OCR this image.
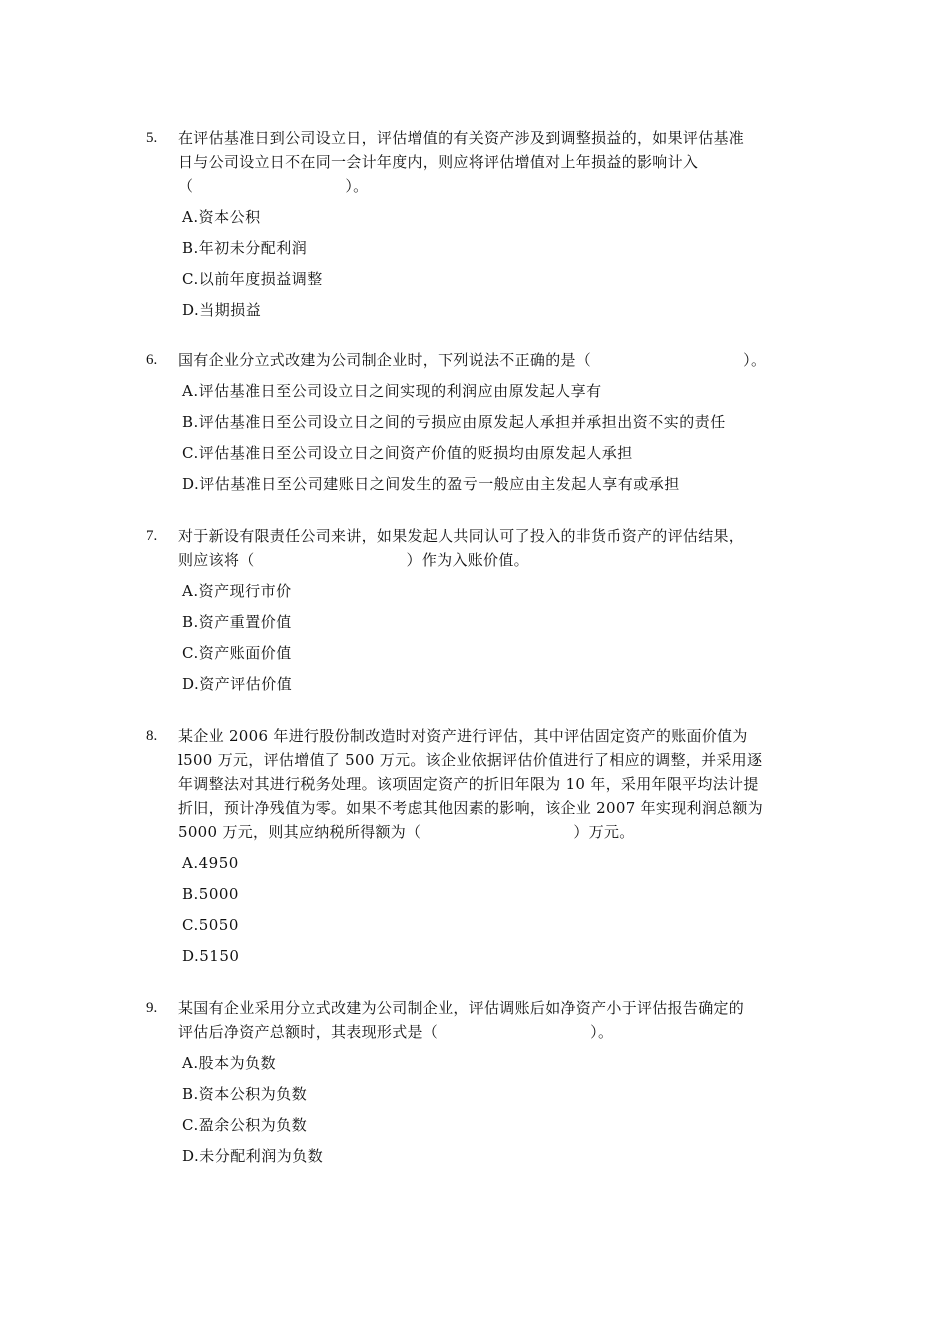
5. 在评估基准日到公司设立日，评估增值的有关资产涉及到调整损益的，如果评估基准
日与公司设立日不在同一会计年度内，则应将评估增值对上年损益的影响计入
（                              ）。
A.资本公积
B.年初未分配利润
C.以前年度损益调整
D.当期损益
6. 国有企业分立式改建为公司制企业时，下列说法不正确的是（                              ）。
A.评估基准日至公司设立日之间实现的利润应由原发起人享有
B.评估基准日至公司设立日之间的亏损应由原发起人承担并承担出资不实的责任
C.评估基准日至公司设立日之间资产价值的贬损均由原发起人承担
D.评估基准日至公司建账日之间发生的盈亏一般应由主发起人享有或承担
7. 对于新设有限责任公司来讲，如果发起人共同认可了投入的非货币资产的评估结果，
则应该将（                              ）作为入账价值。
A.资产现行市价
B.资产重置价值
C.资产账面价值
D.资产评估价值
8. 某企业 2006 年进行股份制改造时对资产进行评估，其中评估固定资产的账面价值为
l500 万元，评估增值了 500 万元。该企业依据评估价值进行了相应的调整，并采用逐
年调整法对其进行税务处理。该项固定资产的折旧年限为 10 年，采用年限平均法计提
折旧，预计净残值为零。如果不考虑其他因素的影响，该企业 2007 年实现利润总额为
5000 万元，则其应纳税所得额为（                              ）万元。
A.4950
B.5000
C.5050
D.5150
9. 某国有企业采用分立式改建为公司制企业，评估调账后如净资产小于评估报告确定的
评估后净资产总额时，其表现形式是（                              ）。
A.股本为负数
B.资本公积为负数
C.盈余公积为负数
D.未分配利润为负数
